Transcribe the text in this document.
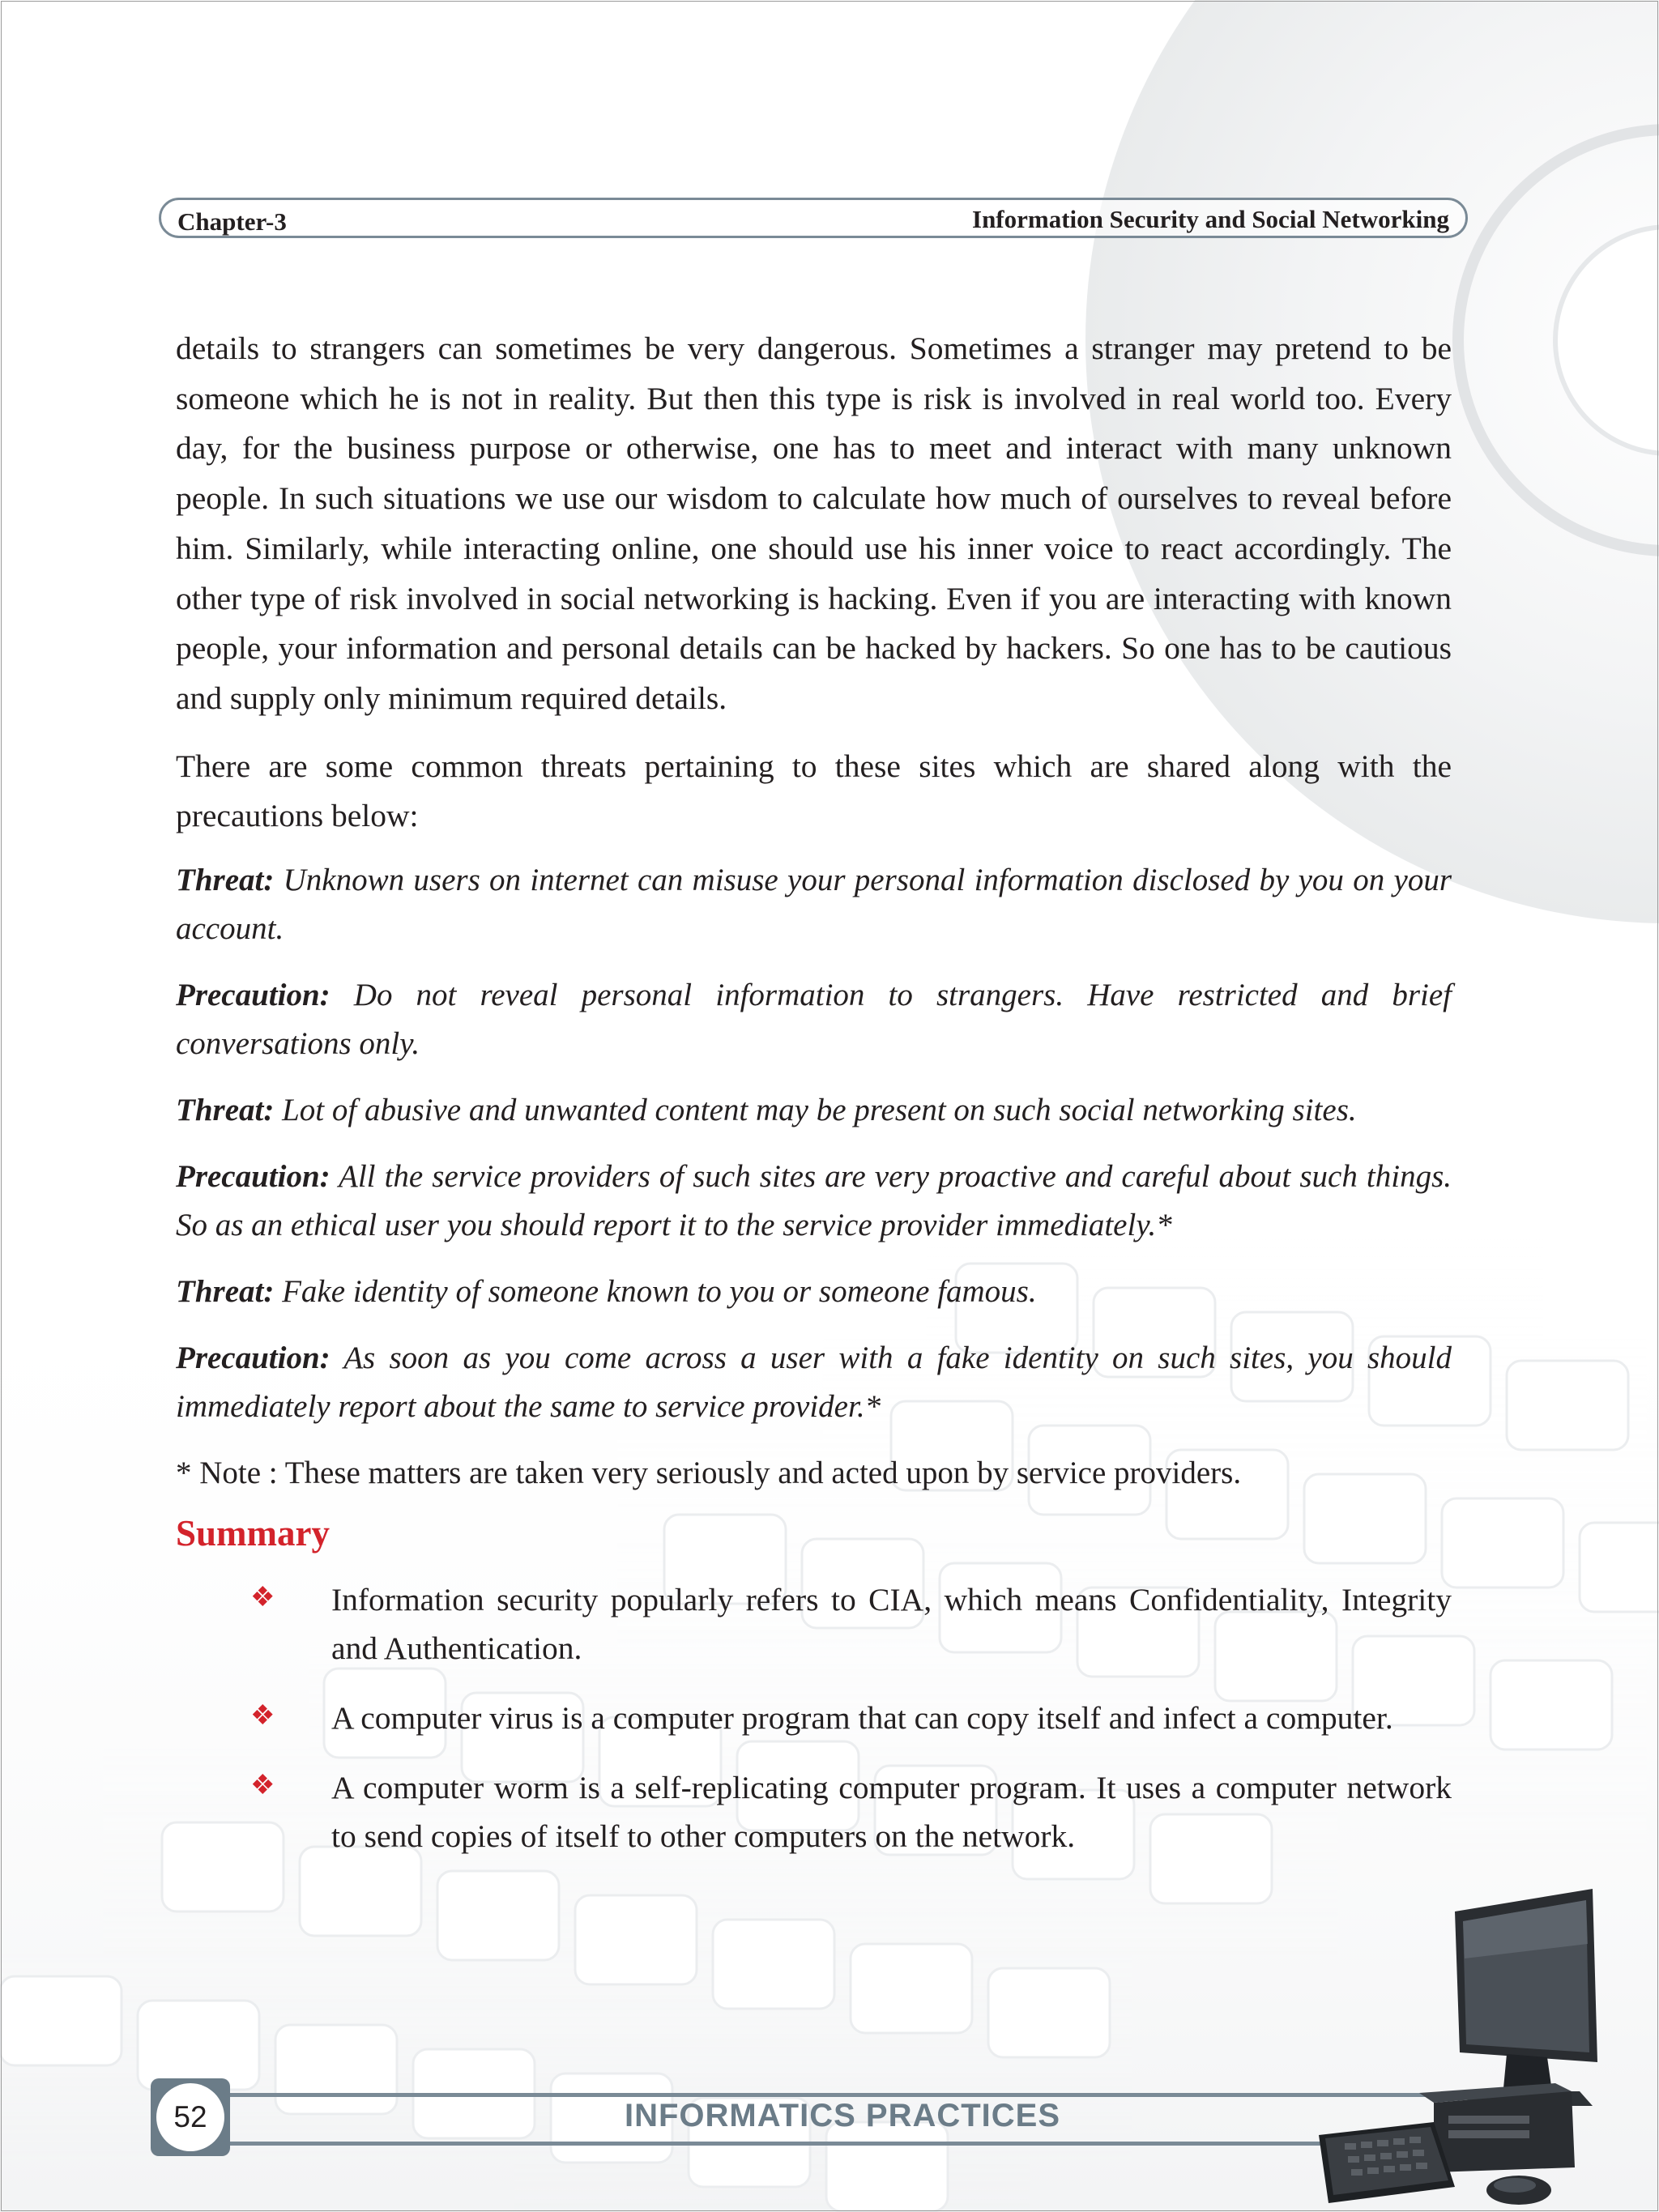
Chapter-3	Information Security and Social Networking

details to strangers can sometimes be very dangerous. Sometimes a stranger may pretend to be someone which he is not in reality. But then this type is risk is involved in real world too. Every day, for the business purpose or otherwise, one has to meet and interact with many unknown people. In such situations we use our wisdom to calculate how much of ourselves to reveal before him. Similarly, while interacting online, one should use his inner voice to react accordingly. The other type of risk involved in social networking is hacking. Even if you are interacting with known people, your information and personal details can be hacked by hackers. So one has to be cautious and supply only minimum required details.

There are some common threats pertaining to these sites which are shared along with the precautions below:

Threat: Unknown users on internet can misuse your personal information disclosed by you on your account.

Precaution: Do not reveal personal information to strangers. Have restricted and brief conversations only.

Threat: Lot of abusive and unwanted content may be present on such social networking sites.

Precaution: All the service providers of such sites are very proactive and careful about such things. So as an ethical user you should report it to the service provider immediately.*

Threat: Fake identity of someone known to you or someone famous.

Precaution: As soon as you come across a user with a fake identity on such sites, you should immediately report about the same to service provider.*

* Note : These matters are taken very seriously and acted upon by service providers.

Summary
❖ Information security popularly refers to CIA, which means Confidentiality, Integrity and Authentication.
❖ A computer virus is a computer program that can copy itself and infect a computer.
❖ A computer worm is a self-replicating computer program. It uses a computer network to send copies of itself to other computers on the network.
52	INFORMATICS PRACTICES
